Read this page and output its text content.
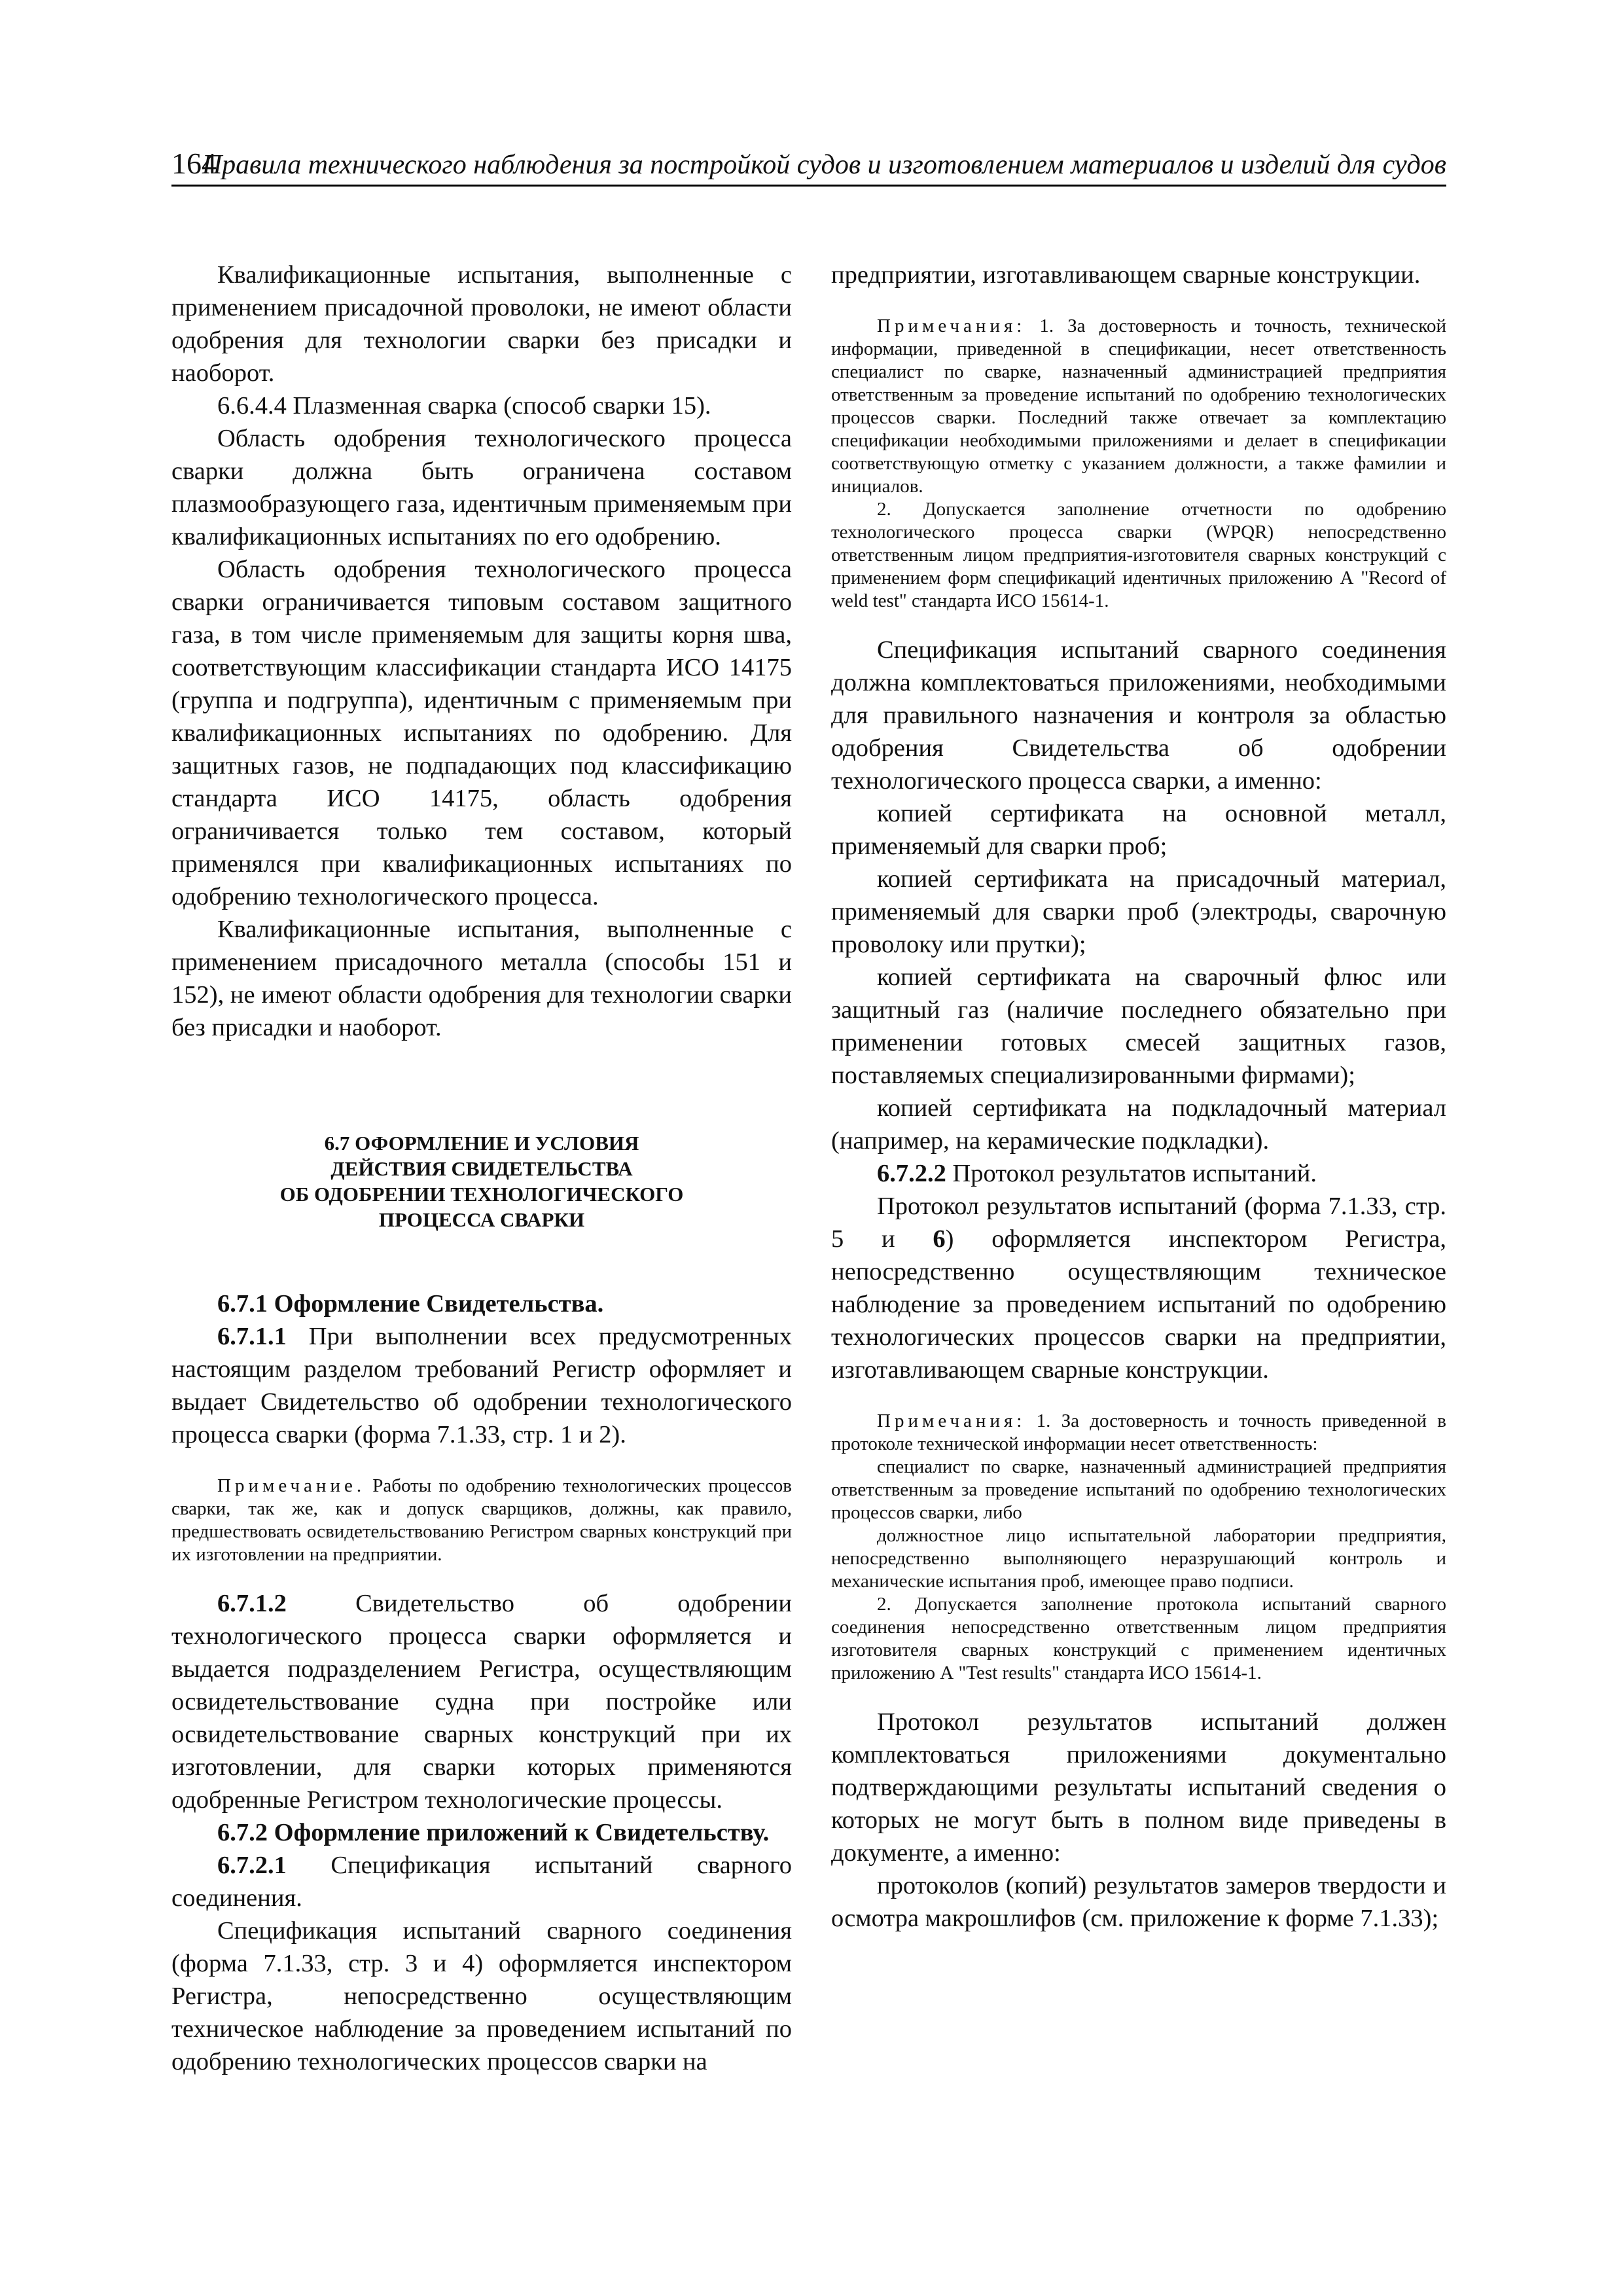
164
Правила технического наблюдения за постройкой судов и изготовлением материалов и изделий для судов

Квалификационные испытания, выполненные с применением присадочной проволоки, не имеют области одобрения для технологии сварки без присадки и наоборот.

6.6.4.4 Плазменная сварка (способ сварки 15).

Область одобрения технологического процесса сварки должна быть ограничена составом плазмообразующего газа, идентичным применяемым при квалификационных испытаниях по его одобрению.

Область одобрения технологического процесса сварки ограничивается типовым составом защитного газа, в том числе применяемым для защиты корня шва, соответствующим классификации стандарта ИСО 14175 (группа и подгруппа), идентичным с применяемым при квалификационных испытаниях по одобрению. Для защитных газов, не подпадающих под классификацию стандарта ИСО 14175, область одобрения ограничивается только тем составом, который применялся при квалификационных испытаниях по одобрению технологического процесса.

Квалификационные испытания, выполненные с применением присадочного металла (способы 151 и 152), не имеют области одобрения для технологии сварки без присадки и наоборот.

6.7 ОФОРМЛЕНИЕ И УСЛОВИЯ
ДЕЙСТВИЯ СВИДЕТЕЛЬСТВА
ОБ ОДОБРЕНИИ ТЕХНОЛОГИЧЕСКОГО
ПРОЦЕССА СВАРКИ

6.7.1 Оформление Свидетельства.

6.7.1.1 При выполнении всех предусмотренных настоящим разделом требований Регистр оформляет и выдает Свидетельство об одобрении технологического процесса сварки (форма 7.1.33, стр. 1 и 2).

Примечание. Работы по одобрению технологических процессов сварки, так же, как и допуск сварщиков, должны, как правило, предшествовать освидетельствованию Регистром сварных конструкций при их изготовлении на предприятии.

6.7.1.2 Свидетельство об одобрении технологического процесса сварки оформляется и выдается подразделением Регистра, осуществляющим освидетельствование судна при постройке или освидетельствование сварных конструкций при их изготовлении, для сварки которых применяются одобренные Регистром технологические процессы.

6.7.2 Оформление приложений к Свидетельству.

6.7.2.1 Спецификация испытаний сварного соединения.

Спецификация испытаний сварного соединения (форма 7.1.33, стр. 3 и 4) оформляется инспектором Регистра, непосредственно осуществляющим техническое наблюдение за проведением испытаний по одобрению технологических процессов сварки на

предприятии, изготавливающем сварные конструкции.

Примечания: 1. За достоверность и точность, технической информации, приведенной в спецификации, несет ответственность специалист по сварке, назначенный администрацией предприятия ответственным за проведение испытаний по одобрению технологических процессов сварки. Последний также отвечает за комплектацию спецификации необходимыми приложениями и делает в спецификации соответствующую отметку с указанием должности, а также фамилии и инициалов.

2. Допускается заполнение отчетности по одобрению технологического процесса сварки (WPQR) непосредственно ответственным лицом предприятия-изготовителя сварных конструкций с применением форм спецификаций идентичных приложению А "Record of weld test" стандарта ИСО 15614-1.

Спецификация испытаний сварного соединения должна комплектоваться приложениями, необходимыми для правильного назначения и контроля за областью одобрения Свидетельства об одобрении технологического процесса сварки, а именно:

копией сертификата на основной металл, применяемый для сварки проб;

копией сертификата на присадочный материал, применяемый для сварки проб (электроды, сварочную проволоку или прутки);

копией сертификата на сварочный флюс или защитный газ (наличие последнего обязательно при применении готовых смесей защитных газов, поставляемых специализированными фирмами);

копией сертификата на подкладочный материал (например, на керамические подкладки).

6.7.2.2 Протокол результатов испытаний.

Протокол результатов испытаний (форма 7.1.33, стр. 5 и 6) оформляется инспектором Регистра, непосредственно осуществляющим техническое наблюдение за проведением испытаний по одобрению технологических процессов сварки на предприятии, изготавливающем сварные конструкции.

Примечания: 1. За достоверность и точность приведенной в протоколе технической информации несет ответственность:

специалист по сварке, назначенный администрацией предприятия ответственным за проведение испытаний по одобрению технологических процессов сварки, либо

должностное лицо испытательной лаборатории предприятия, непосредственно выполняющего неразрушающий контроль и механические испытания проб, имеющее право подписи.

2. Допускается заполнение протокола испытаний сварного соединения непосредственно ответственным лицом предприятия изготовителя сварных конструкций с применением идентичных приложению А "Test results" стандарта ИСО 15614-1.

Протокол результатов испытаний должен комплектоваться приложениями документально подтверждающими результаты испытаний сведения о которых не могут быть в полном виде приведены в документе, а именно:

протоколов (копий) результатов замеров твердости и осмотра макрошлифов (см. приложение к форме 7.1.33);
